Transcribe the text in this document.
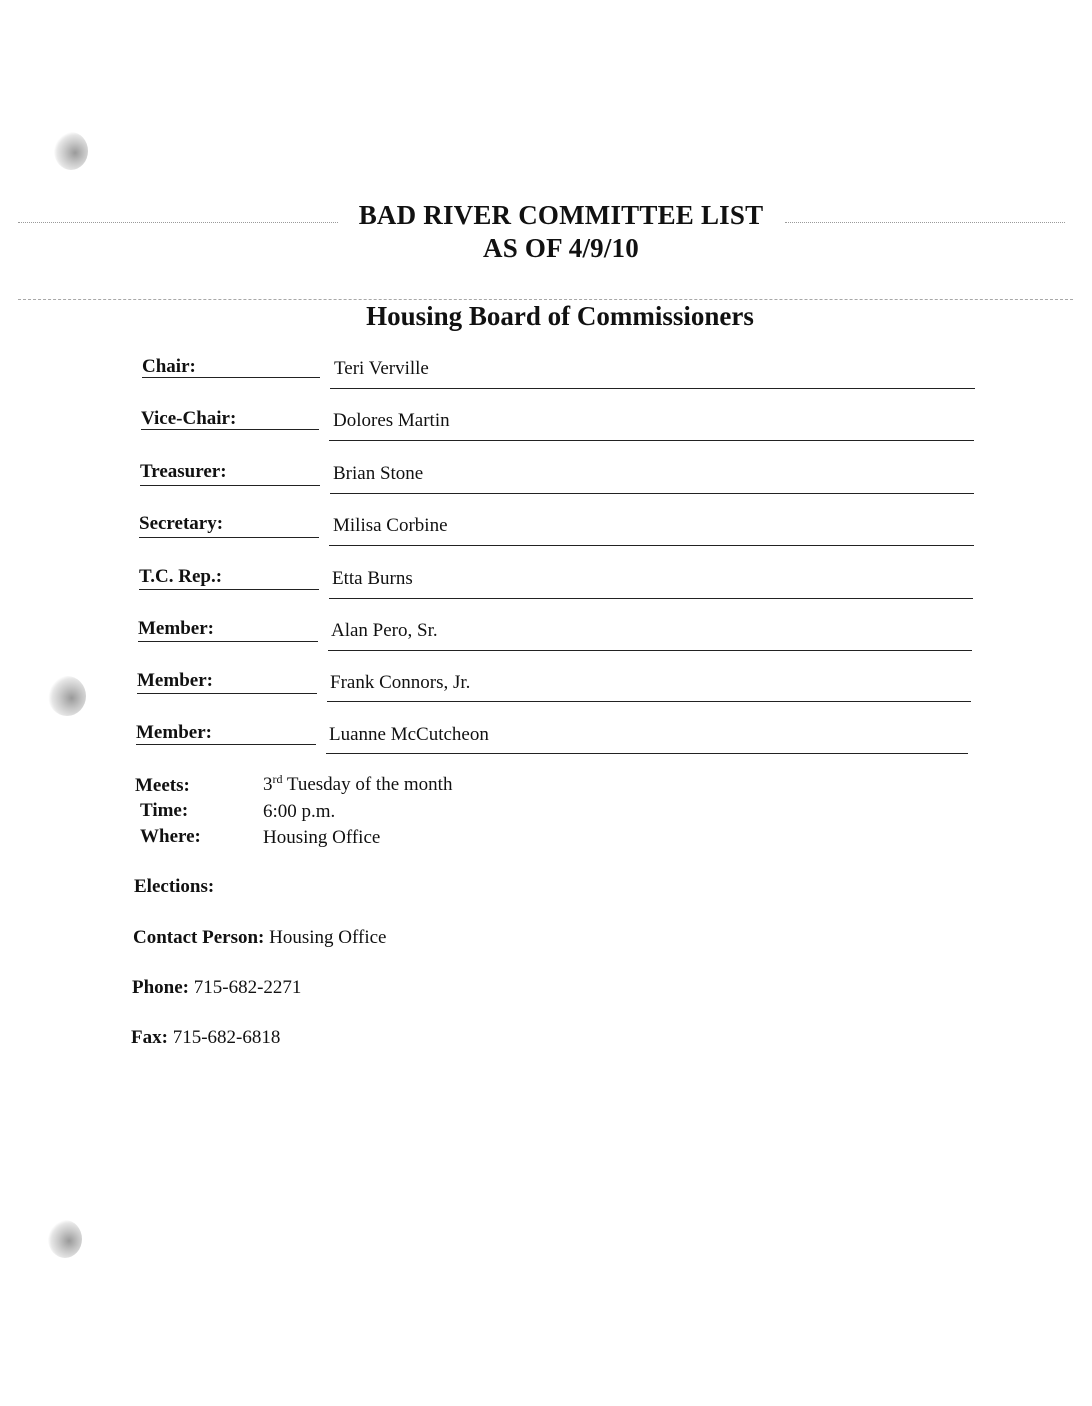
BAD RIVER COMMITTEE LIST
AS OF 4/9/10
Housing Board of Commissioners
Chair:	Teri Verville
Vice-Chair:	Dolores Martin
Treasurer:	Brian Stone
Secretary:	Milisa Corbine
T.C. Rep.:	Etta Burns
Member:	Alan Pero, Sr.
Member:	Frank Connors, Jr.
Member:	Luanne McCutcheon
Meets:	3rd Tuesday of the month
Time:	6:00 p.m.
Where:	Housing Office
Elections:
Contact Person: Housing Office
Phone: 715-682-2271
Fax: 715-682-6818
